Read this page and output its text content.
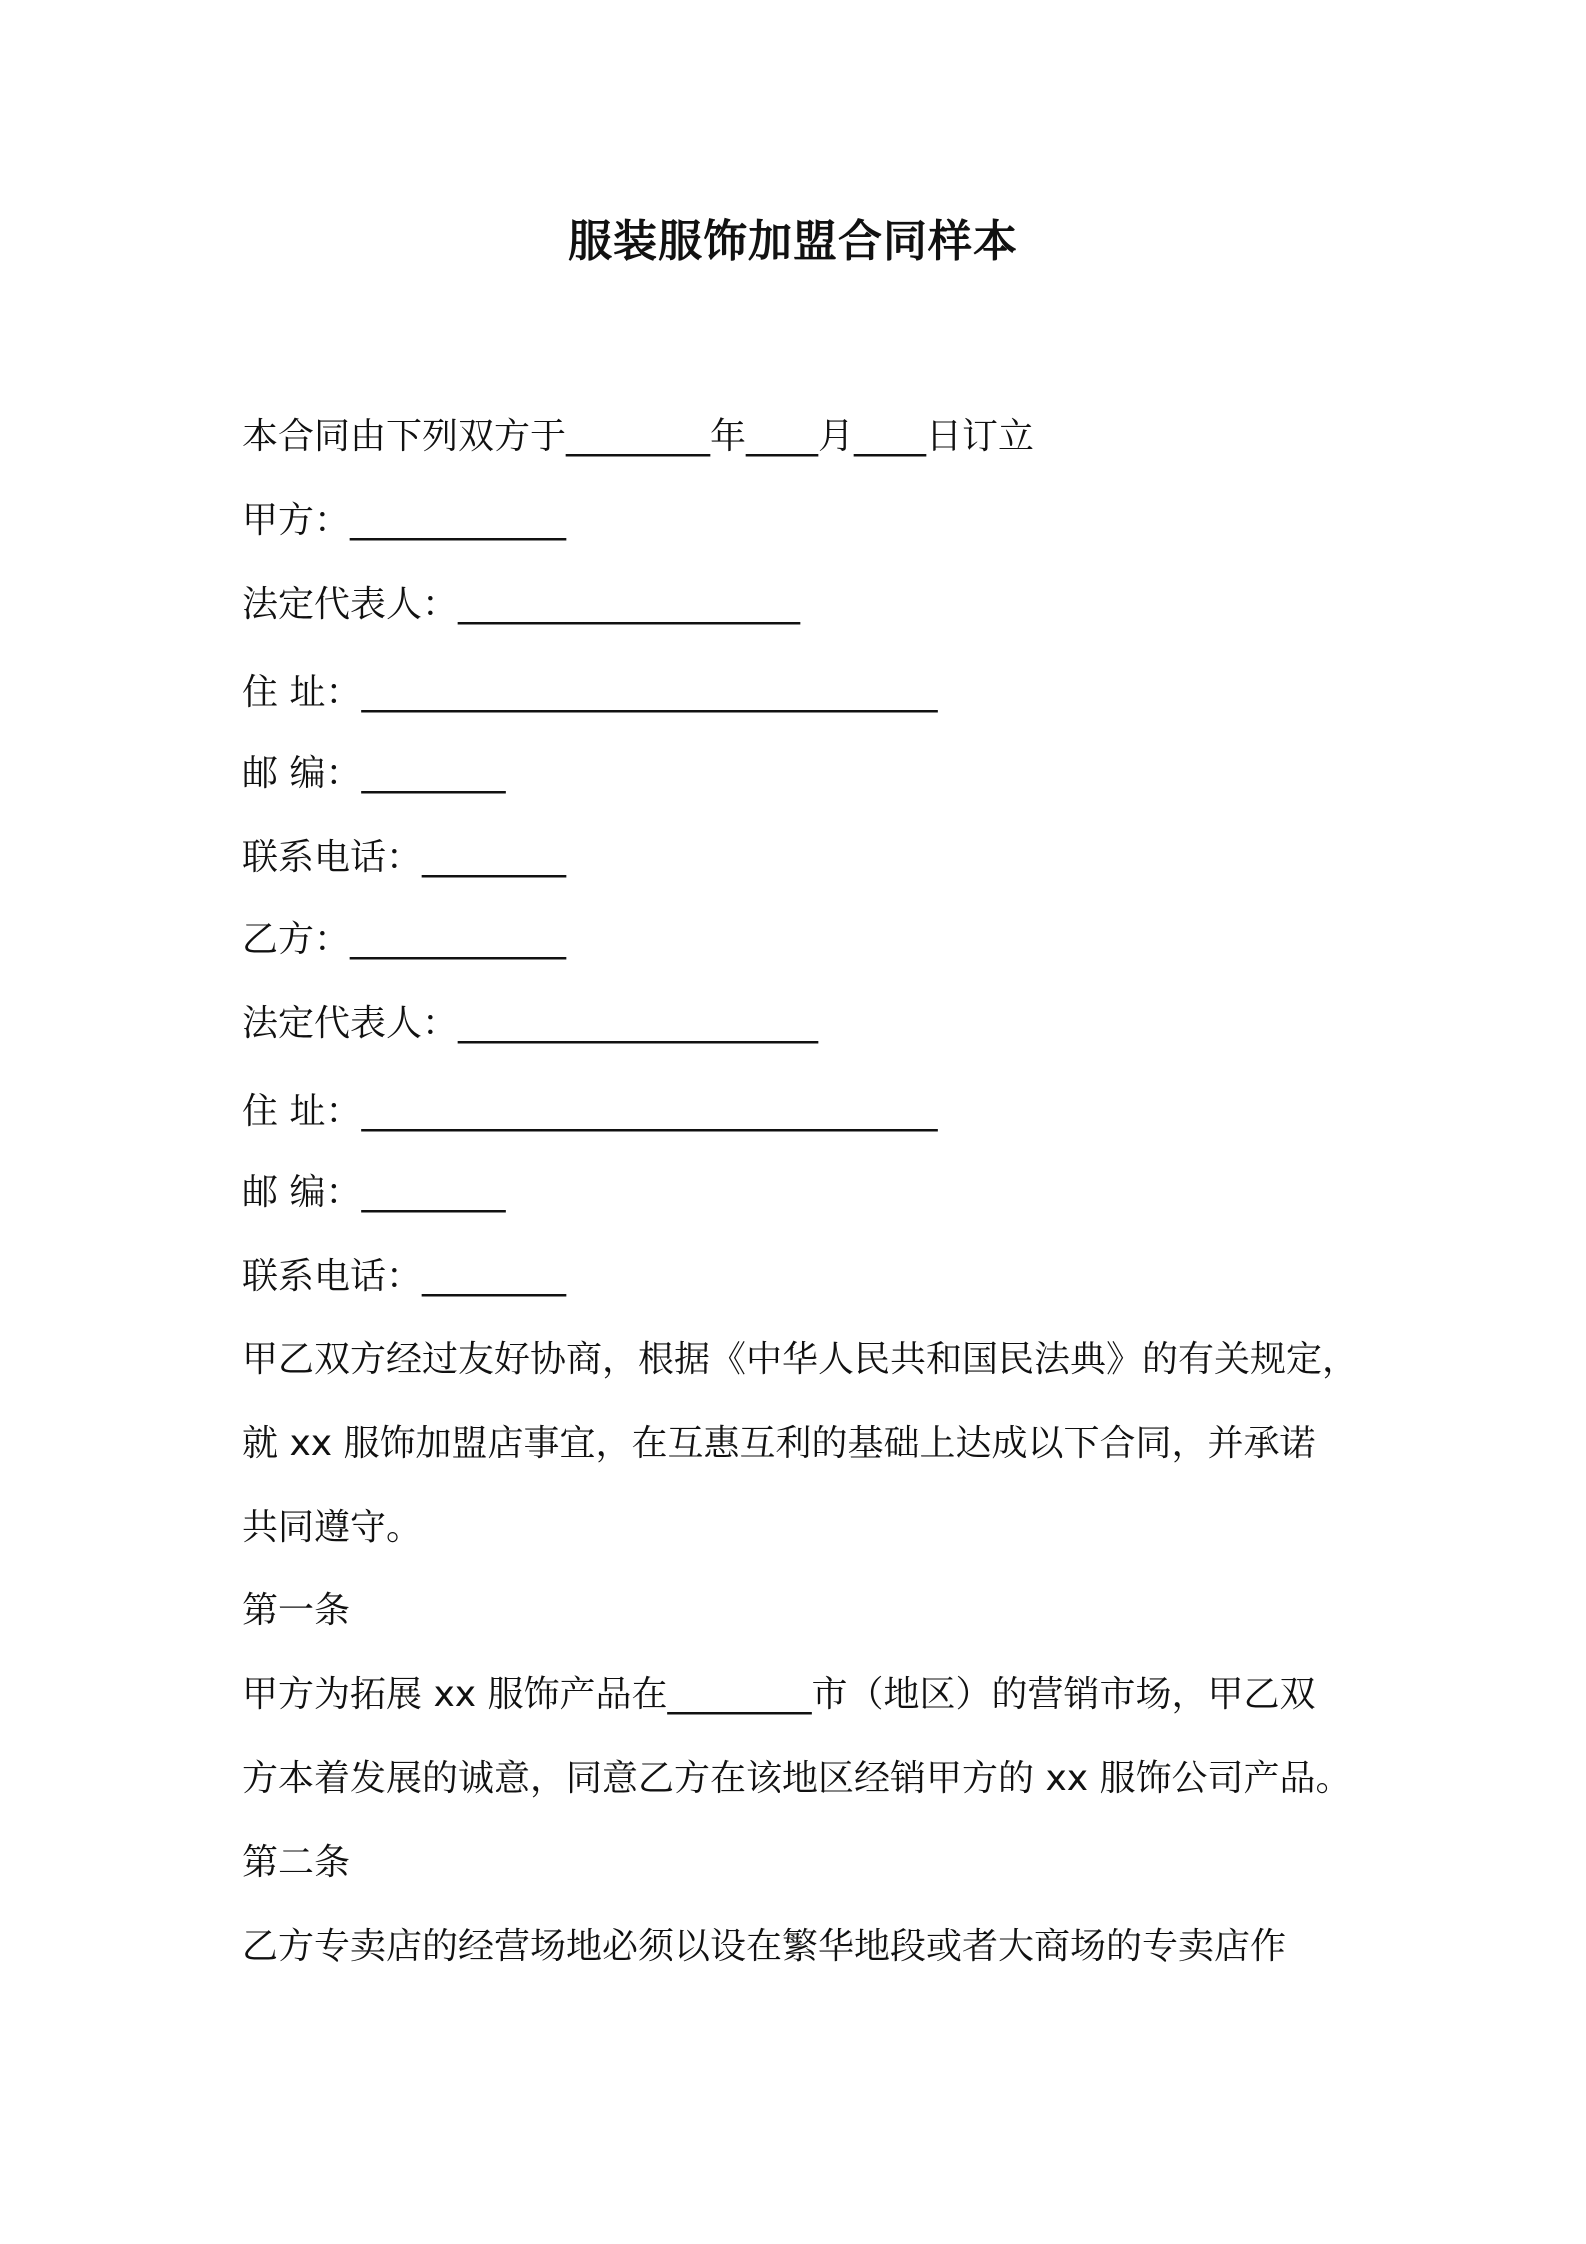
服装服饰加盟合同样本
本合同由下列双方于________年____月____日订立
甲方：____________
法定代表人：___________________
住 址：________________________________
邮 编：________
联系电话：________
乙方：____________
法定代表人：____________________
住 址：________________________________
邮 编：________
联系电话：________
甲乙双方经过友好协商，根据《中华人民共和国民法典》的有关规定，
就 xx 服饰加盟店事宜，在互惠互利的基础上达成以下合同，并承诺
共同遵守。
第一条
甲方为拓展 xx 服饰产品在________市（地区）的营销市场，甲乙双
方本着发展的诚意，同意乙方在该地区经销甲方的 xx 服饰公司产品。
第二条
乙方专卖店的经营场地必须以设在繁华地段或者大商场的专卖店作
